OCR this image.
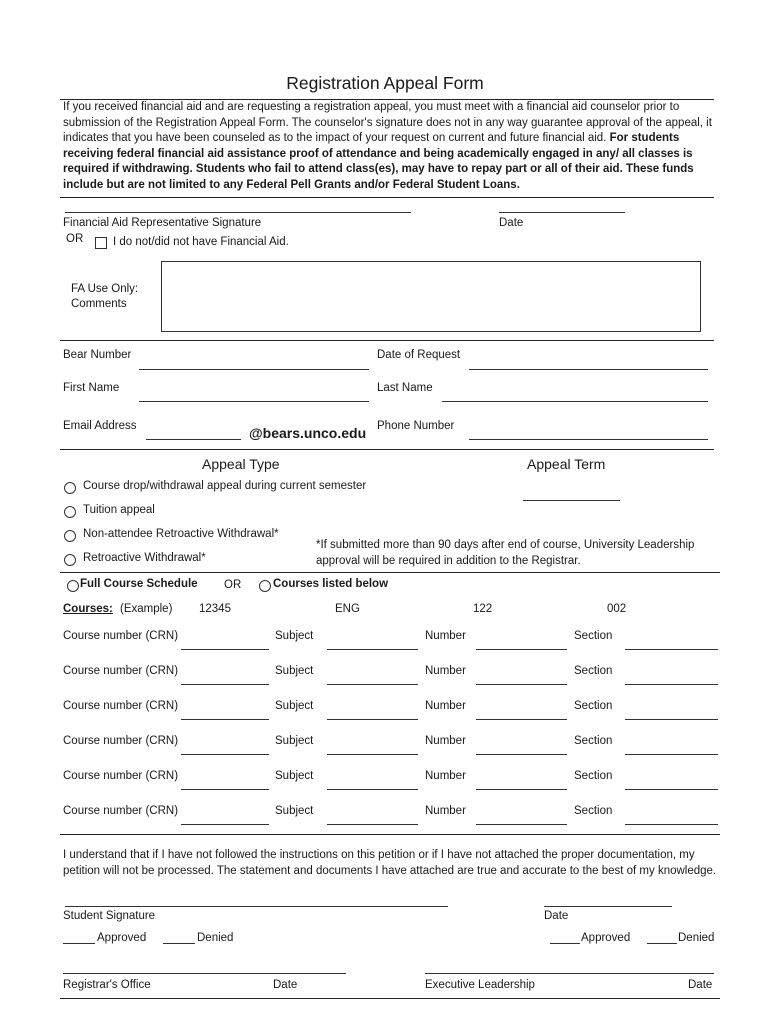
Registration Appeal Form
If you received financial aid and are requesting a registration appeal, you must meet with a financial aid counselor prior to submission of the Registration Appeal Form. The counselor's signature does not in any way guarantee approval of the appeal, it indicates that you have been counseled as to the impact of your request on current and future financial aid. For students receiving federal financial aid assistance proof of attendance and being academically engaged in any/ all classes is required if withdrawing. Students who fail to attend class(es), may have to repay part or all of their aid. These funds include but are not limited to any Federal Pell Grants and/or Federal Student Loans.
Financial Aid Representative Signature	Date
OR	I do not/did not have Financial Aid.
FA Use Only:
Comments
Bear Number	Date of Request
First Name	Last Name
Email Address	@bears.unco.edu Phone Number
Appeal Type	Appeal Term
Course drop/withdrawal appeal during current semester
Tuition appeal
Non-attendee Retroactive Withdrawal*
Retroactive Withdrawal*
*If submitted more than 90 days after end of course, University Leadership approval will be required in addition to the Registrar.
Full Course Schedule OR	Courses listed below
Courses: (Example) 12345	ENG	122	002
Course number (CRN)	Subject	Number	Section
Course number (CRN)	Subject	Number	Section
Course number (CRN)	Subject	Number	Section
Course number (CRN)	Subject	Number	Section
Course number (CRN)	Subject	Number	Section
Course number (CRN)	Subject	Number	Section
I understand that if I have not followed the instructions on this petition or if I have not attached the proper documentation, my petition will not be processed. The statement and documents I have attached are true and accurate to the best of my knowledge.
Student Signature	Date
Approved	Denied	Approved	Denied
Registrar's Office	Date	Executive Leadership	Date
